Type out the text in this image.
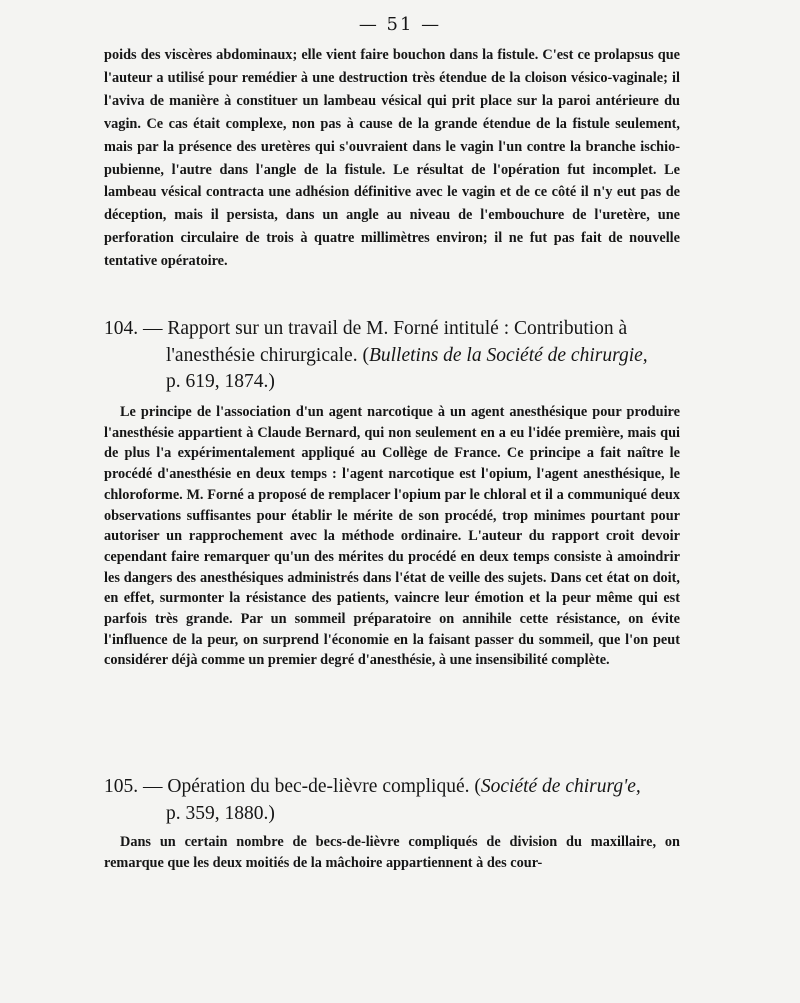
— 51 —
poids des viscères abdominaux; elle vient faire bouchon dans la fistule. C'est ce prolapsus que l'auteur a utilisé pour remédier à une destruction très étendue de la cloison vésico-vaginale; il l'aviva de manière à constituer un lambeau vésical qui prit place sur la paroi antérieure du vagin. Ce cas était complexe, non pas à cause de la grande étendue de la fistule seulement, mais par la présence des uretères qui s'ouvraient dans le vagin l'un contre la branche ischio-pubienne, l'autre dans l'angle de la fistule. Le résultat de l'opération fut incomplet. Le lambeau vésical contracta une adhésion définitive avec le vagin et de ce côté il n'y eut pas de déception, mais il persista, dans un angle au niveau de l'embouchure de l'uretère, une perforation circulaire de trois à quatre millimètres environ; il ne fut pas fait de nouvelle tentative opératoire.
104. — Rapport sur un travail de M. Forné intitulé : Contribution à
l'anesthésie chirurgicale. (Bulletins de la Société de chirurgie,
p. 619, 1874.)
Le principe de l'association d'un agent narcotique à un agent anesthésique pour produire l'anesthésie appartient à Claude Bernard, qui non seulement en a eu l'idée première, mais qui de plus l'a expérimentalement appliqué au Collège de France. Ce principe a fait naître le procédé d'anesthésie en deux temps : l'agent narcotique est l'opium, l'agent anesthésique, le chloroforme. M. Forné a proposé de remplacer l'opium par le chloral et il a communiqué deux observations suffisantes pour établir le mérite de son procédé, trop minimes pourtant pour autoriser un rapprochement avec la méthode ordinaire. L'auteur du rapport croit devoir cependant faire remarquer qu'un des mérites du procédé en deux temps consiste à amoindrir les dangers des anesthésiques administrés dans l'état de veille des sujets. Dans cet état on doit, en effet, surmonter la résistance des patients, vaincre leur émotion et la peur même qui est parfois très grande. Par un sommeil préparatoire on annihile cette résistance, on évite l'influence de la peur, on surprend l'économie en la faisant passer du sommeil, que l'on peut considérer déjà comme un premier degré d'anesthésie, à une insensibilité complète.
105. — Opération du bec-de-lièvre compliqué. (Société de chirurg'e,
p. 359, 1880.)
Dans un certain nombre de becs-de-lièvre compliqués de division du maxillaire, on remarque que les deux moitiés de la mâchoire appartiennent à des cour-
